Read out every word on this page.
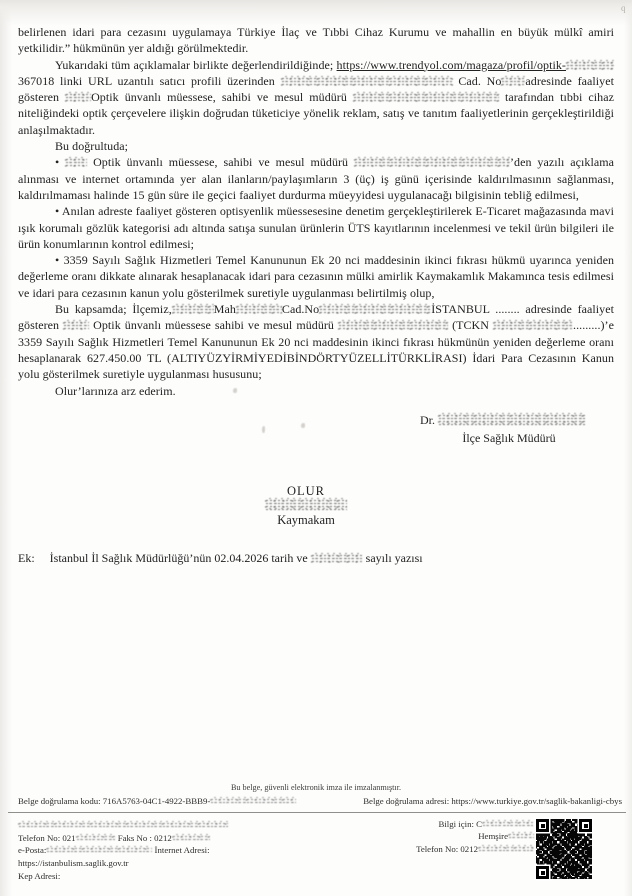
q

belirlenen idari para cezasını uygulamaya Türkiye İlaç ve Tıbbi Cihaz Kurumu ve mahallin en büyük mülkî amiri yetkilidir.” hükmünün yer aldığı görülmektedir.

Yukarıdaki tüm açıklamalar birlikte değerlendirildiğinde; https://www.trendyol.com/magaza/profil/optik-367018 linki URL uzantılı satıcı profili üzerinden	Cad. No adresinde faaliyet gösteren	Optik ünvanlı müessese, sahibi ve mesul müdürü	tarafından tıbbi cihaz niteliğindeki optik çerçevelere ilişkin doğrudan tüketiciye yönelik reklam, satış ve tanıtım faaliyetlerinin gerçekleştirildiği anlaşılmaktadır.

Bu doğrultuda;

•	Optik ünvanlı müessese, sahibi ve mesul müdürü	’den yazılı açıklama alınması ve internet ortamında yer alan ilanların/paylaşımların 3 (üç) iş günü içerisinde kaldırılmasının sağlanması, kaldırılmaması halinde 15 gün süre ile geçici faaliyet durdurma müeyyidesi uygulanacağı bilgisinin tebliğ edilmesi,

• Anılan adreste faaliyet gösteren optisyenlik müessesesine denetim gerçekleştirilerek E-Ticaret mağazasında mavi ışık korumalı gözlük kategorisi adı altında satışa sunulan ürünlerin ÜTS kayıtlarının incelenmesi ve tekil ürün bilgileri ile ürün konumlarının kontrol edilmesi;

• 3359 Sayılı Sağlık Hizmetleri Temel Kanununun Ek 20 nci maddesinin ikinci fıkrası hükmü uyarınca yeniden değerleme oranı dikkate alınarak hesaplanacak idari para cezasının mülki amirlik Kaymakamlık Makamınca tesis edilmesi ve idari para cezasının kanun yolu gösterilmek suretiyle uygulanması belirtilmiş olup,

Bu kapsamda; İlçemiz,	Mah	Cad.No	İSTANBUL ........ adresinde faaliyet gösteren	Optik ünvanlı müessese sahibi ve mesul müdürü	(TCKN	.........)’e 3359 Sayılı Sağlık Hizmetleri Temel Kanununun Ek 20 nci maddesinin ikinci fıkrası hükmünün yeniden değerleme oranı hesaplanarak 627.450.00 TL (ALTIYÜZYİRMİYEDİBİNDÖRTYÜZELLİTÜRKLİRASI) İdari Para Cezasının Kanun yolu gösterilmek suretiyle uygulanması hususunu;

Olur’larınıza arz ederim.

Dr.
İlçe Sağlık Müdürü
OLUR
Kaymakam
Ek: İstanbul İl Sağlık Müdürlüğü’nün 02.04.2026 tarih ve	sayılı yazısı
Bu belge, güvenli elektronik imza ile imzalanmıştır.
Belge doğrulama kodu: 716A5763-04C1-4922-BBB9-	Belge doğrulama adresi: https://www.turkiye.gov.tr/saglik-bakanligi-cbys
Telefon No: 021	Faks No : 0212
e-Posta:	İnternet Adresi:
https://istanbulism.saglik.gov.tr
Kep Adresi:
Bilgi için: C
Hemşire
Telefon No: 0212
